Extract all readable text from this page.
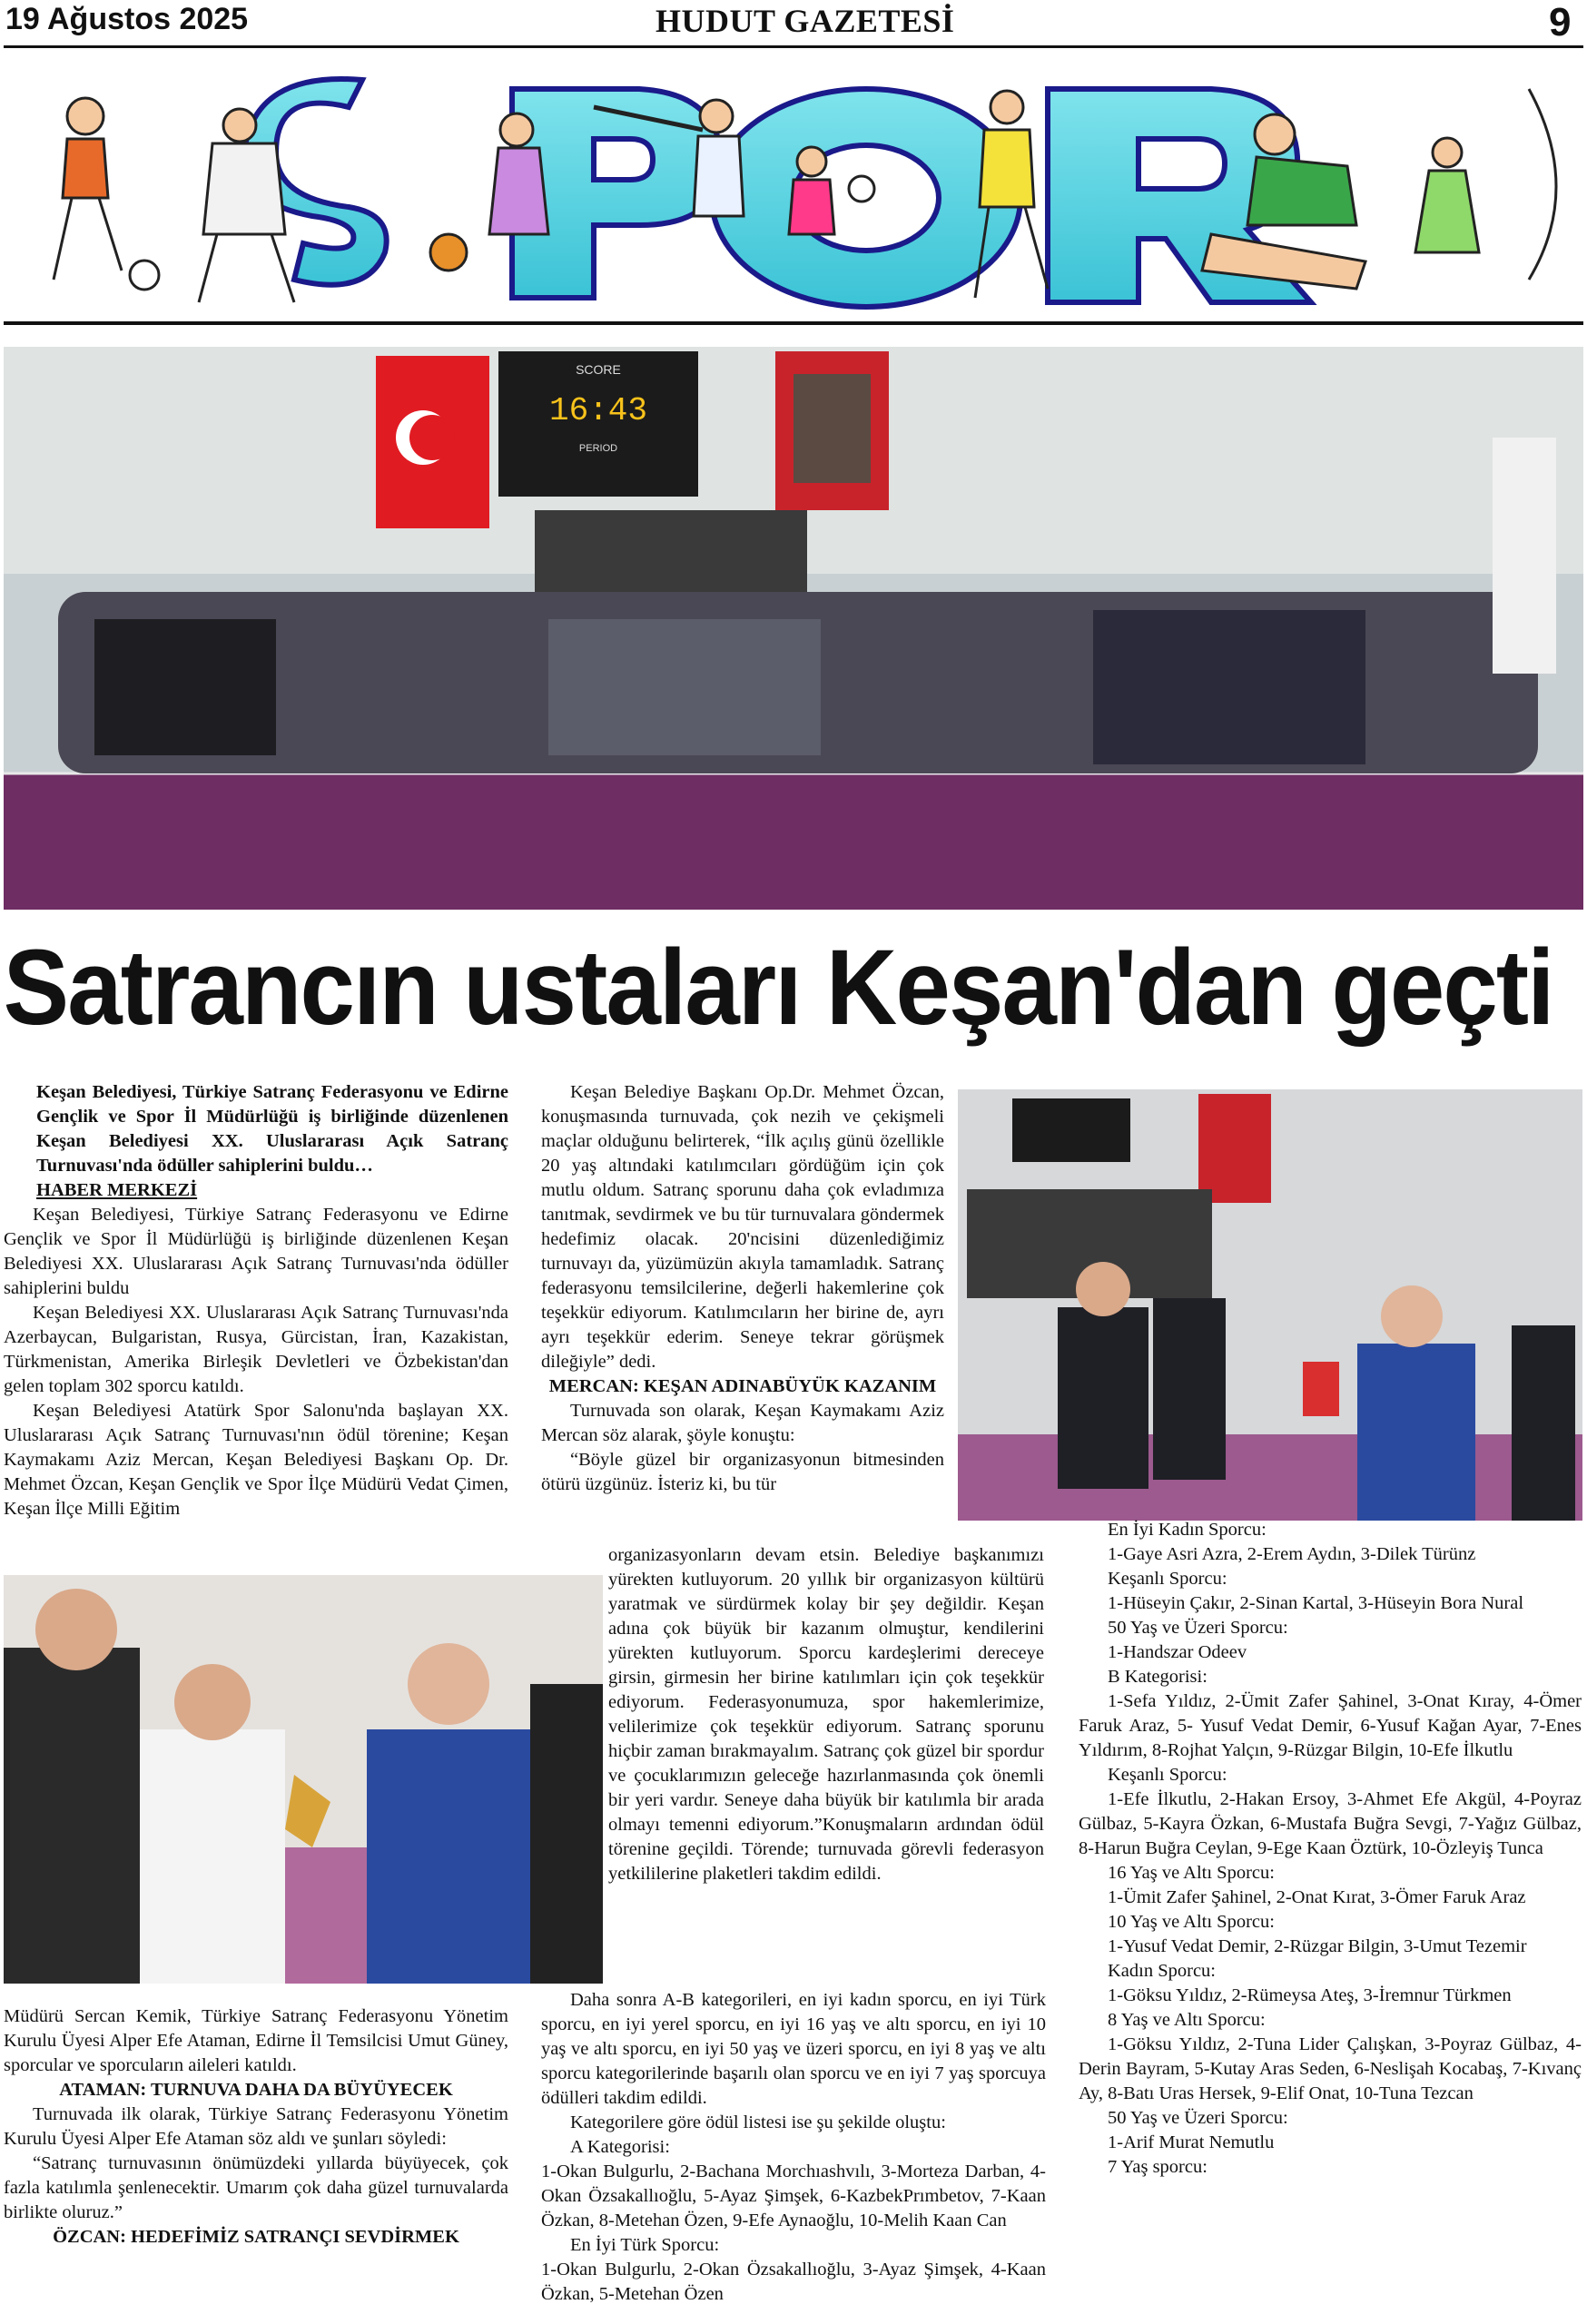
19 Ağustos 2025	HUDUT GAZETESİ	9
SCORE
16:43
PERIOD
Satrancın ustaları Keşan'dan geçti

Keşan Belediyesi, Türkiye Satranç Federasyonu ve Edirne Gençlik ve Spor İl Müdürlüğü iş birliğinde düzenlenen Keşan Belediyesi XX. Uluslararası Açık Satranç Turnuvası'nda ödüller sahiplerini buldu…

HABER MERKEZİ

Keşan Belediyesi, Türkiye Satranç Federasyonu ve Edirne Gençlik ve Spor İl Müdürlüğü iş birliğinde düzenlenen Keşan Belediyesi XX. Uluslararası Açık Satranç Turnuvası'nda ödüller sahiplerini buldu

Keşan Belediyesi XX. Uluslararası Açık Satranç Turnuvası'nda Azerbaycan, Bulgaristan, Rusya, Gürcistan, İran, Kazakistan, Türkmenistan, Amerika Birleşik Devletleri ve Özbekistan'dan gelen toplam 302 sporcu katıldı.

Keşan Belediyesi Atatürk Spor Salonu'nda başlayan XX. Uluslararası Açık Satranç Turnuvası'nın ödül törenine; Keşan Kaymakamı Aziz Mercan, Keşan Belediyesi Başkanı Op. Dr. Mehmet Özcan, Keşan Gençlik ve Spor İlçe Müdürü Vedat Çimen, Keşan İlçe Milli Eğitim

Müdürü Sercan Kemik, Türkiye Satranç Federasyonu Yönetim Kurulu Üyesi Alper Efe Ataman, Edirne İl Temsilcisi Umut Güney, sporcular ve sporcuların aileleri katıldı.

ATAMAN: TURNUVA DAHA DA BÜYÜYECEK

Turnuvada ilk olarak, Türkiye Satranç Federasyonu Yönetim Kurulu Üyesi Alper Efe Ataman söz aldı ve şunları söyledi:

“Satranç turnuvasının önümüzdeki yıllarda büyüyecek, çok fazla katılımla şenlenecektir. Umarım çok daha güzel turnuvalarda birlikte oluruz.”

ÖZCAN: HEDEFİMİZ SATRANÇI SEVDİRMEK

Keşan Belediye Başkanı Op.Dr. Mehmet Özcan, konuşmasında turnuvada, çok nezih ve çekişmeli maçlar olduğunu belirterek, “İlk açılış günü özellikle 20 yaş altındaki katılımcıları gördüğüm için çok mutlu oldum. Satranç sporunu daha çok evladımıza tanıtmak, sevdirmek ve bu tür turnuvalara göndermek hedefimiz olacak. 20'ncisini düzenlediğimiz turnuvayı da, yüzümüzün akıyla tamamladık. Satranç federasyonu temsilcilerine, değerli hakemlerine çok teşekkür ediyorum. Katılımcıların her birine de, ayrı ayrı teşekkür ederim. Seneye tekrar görüşmek dileğiyle” dedi.

MERCAN: KEŞAN ADINABÜYÜK KAZANIM

Turnuvada son olarak, Keşan Kaymakamı Aziz Mercan söz alarak, şöyle konuştu:

“Böyle güzel bir organizasyonun bitmesinden ötürü üzgünüz. İsteriz ki, bu tür

organizasyonların devam etsin. Belediye başkanımızı yürekten kutluyorum. 20 yıllık bir organizasyon kültürü yaratmak ve sürdürmek kolay bir şey değildir. Keşan adına çok büyük bir kazanım olmuştur, kendilerini yürekten kutluyorum. Sporcu kardeşlerimi dereceye girsin, girmesin her birine katılımları için çok teşekkür ediyorum. Federasyonumuza, spor hakemlerimize, velilerimize çok teşekkür ediyorum. Satranç sporunu hiçbir zaman bırakmayalım. Satranç çok güzel bir spordur ve çocuklarımızın geleceğe hazırlanmasında çok önemli bir yeri vardır. Seneye daha büyük bir katılımla bir arada olmayı temenni ediyorum.”Konuşmaların ardından ödül törenine geçildi. Törende; turnuvada görevli federasyon yetkililerine plaketleri takdim edildi.

Daha sonra A-B kategorileri, en iyi kadın sporcu, en iyi Türk sporcu, en iyi yerel sporcu, en iyi 16 yaş ve altı sporcu, en iyi 10 yaş ve altı sporcu, en iyi 50 yaş ve üzeri sporcu, en iyi 8 yaş ve altı sporcu kategorilerinde başarılı olan sporcu ve en iyi 7 yaş sporcuya ödülleri takdim edildi.

Kategorilere göre ödül listesi ise şu şekilde oluştu:

A Kategorisi:

1-Okan Bulgurlu, 2-Bachana Morchıashvılı, 3-Morteza Darban, 4-Okan Özsakallıoğlu, 5-Ayaz Şimşek, 6-KazbekPrımbetov, 7-Kaan Özkan, 8-Metehan Özen, 9-Efe Aynaoğlu, 10-Melih Kaan Can

En İyi Türk Sporcu:

1-Okan Bulgurlu, 2-Okan Özsakallıoğlu, 3-Ayaz Şimşek, 4-Kaan Özkan, 5-Metehan Özen

En İyi Kadın Sporcu:

1-Gaye Asri Azra, 2-Erem Aydın, 3-Dilek Türünz

Keşanlı Sporcu:

1-Hüseyin Çakır, 2-Sinan Kartal, 3-Hüseyin Bora Nural

50 Yaş ve Üzeri Sporcu:

1-Handszar Odeev

B Kategorisi:

1-Sefa Yıldız, 2-Ümit Zafer Şahinel, 3-Onat Kıray, 4-Ömer Faruk Araz, 5- Yusuf Vedat Demir, 6-Yusuf Kağan Ayar, 7-Enes Yıldırım, 8-Rojhat Yalçın, 9-Rüzgar Bilgin, 10-Efe İlkutlu

Keşanlı Sporcu:

1-Efe İlkutlu, 2-Hakan Ersoy, 3-Ahmet Efe Akgül, 4-Poyraz Gülbaz, 5-Kayra Özkan, 6-Mustafa Buğra Sevgi, 7-Yağız Gülbaz, 8-Harun Buğra Ceylan, 9-Ege Kaan Öztürk, 10-Özleyiş Tunca

16 Yaş ve Altı Sporcu:

1-Ümit Zafer Şahinel, 2-Onat Kırat, 3-Ömer Faruk Araz

10 Yaş ve Altı Sporcu:

1-Yusuf Vedat Demir, 2-Rüzgar Bilgin, 3-Umut Tezemir

Kadın Sporcu:

1-Göksu Yıldız, 2-Rümeysa Ateş, 3-İremnur Türkmen

8 Yaş ve Altı Sporcu:

1-Göksu Yıldız, 2-Tuna Lider Çalışkan, 3-Poyraz Gülbaz, 4-Derin Bayram, 5-Kutay Aras Seden, 6-Neslişah Kocabaş, 7-Kıvanç Ay, 8-Batı Uras Hersek, 9-Elif Onat, 10-Tuna Tezcan

50 Yaş ve Üzeri Sporcu:

1-Arif Murat Nemutlu

7 Yaş sporcu:
